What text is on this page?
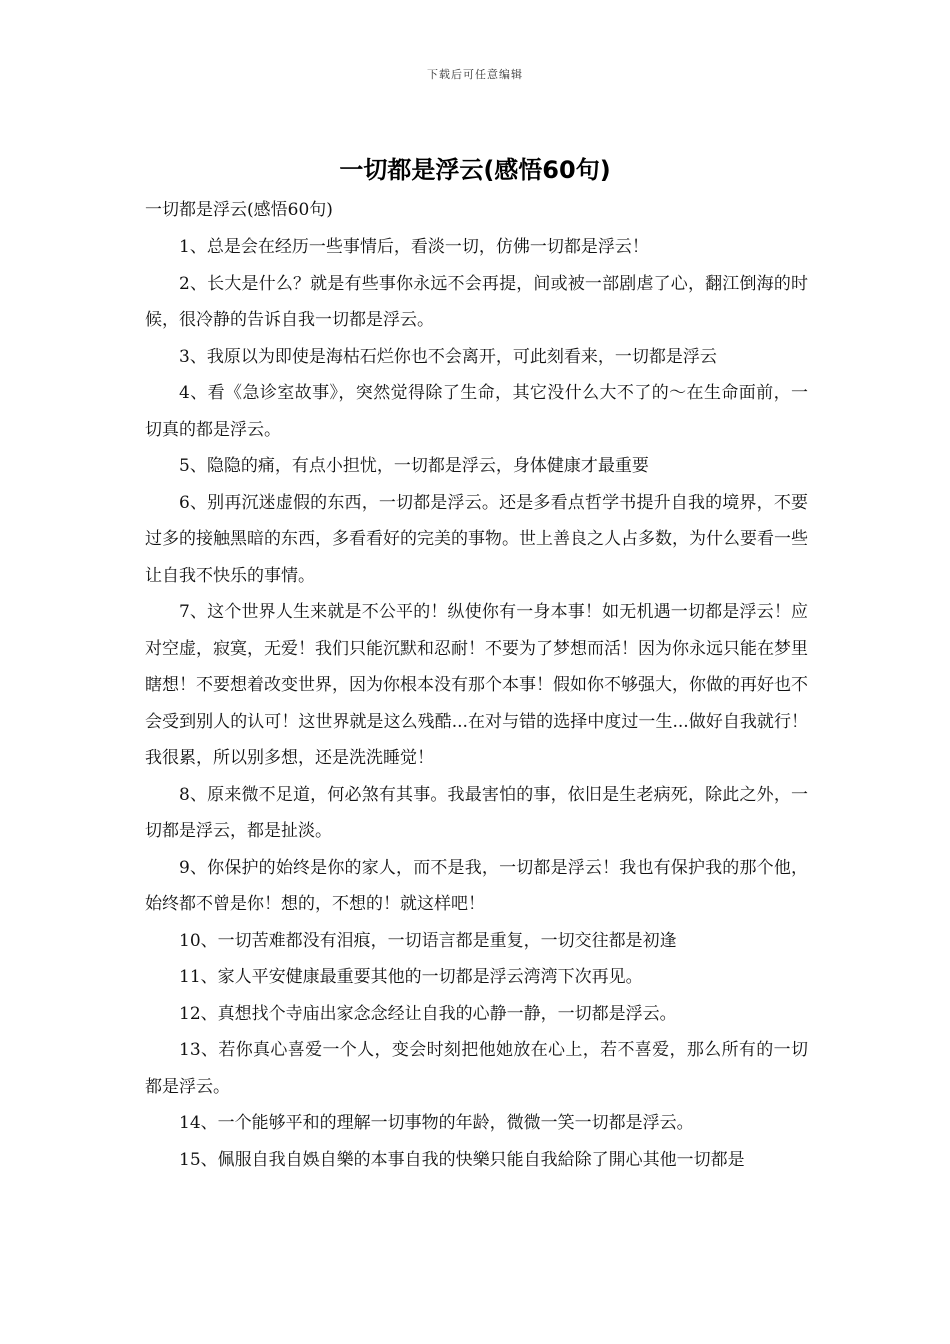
下载后可任意编辑
一切都是浮云(感悟60句)

一切都是浮云(感悟60句)

1、总是会在经历一些事情后，看淡一切，仿佛一切都是浮云！

2、长大是什么？就是有些事你永远不会再提，间或被一部剧虐了心，翻江倒海的时候，很冷静的告诉自我一切都是浮云。

3、我原以为即使是海枯石烂你也不会离开，可此刻看来，一切都是浮云

4、看《急诊室故事》，突然觉得除了生命，其它没什么大不了的～在生命面前，一切真的都是浮云。

5、隐隐的痛，有点小担忧，一切都是浮云，身体健康才最重要

6、别再沉迷虚假的东西，一切都是浮云。还是多看点哲学书提升自我的境界，不要过多的接触黑暗的东西，多看看好的完美的事物。世上善良之人占多数，为什么要看一些让自我不快乐的事情。

7、这个世界人生来就是不公平的！纵使你有一身本事！如无机遇一切都是浮云！应对空虚，寂寞，无爱！我们只能沉默和忍耐！不要为了梦想而活！因为你永远只能在梦里瞎想！不要想着改变世界，因为你根本没有那个本事！假如你不够强大，你做的再好也不会受到别人的认可！这世界就是这么残酷...在对与错的选择中度过一生...做好自我就行！我很累，所以别多想，还是洗洗睡觉！

8、原来微不足道，何必煞有其事。我最害怕的事，依旧是生老病死，除此之外，一切都是浮云，都是扯淡。

9、你保护的始终是你的家人，而不是我，一切都是浮云！我也有保护我的那个他，始终都不曾是你！想的，不想的！就这样吧！

10、一切苦难都没有泪痕，一切语言都是重复，一切交往都是初逢

11、家人平安健康最重要其他的一切都是浮云湾湾下次再见。

12、真想找个寺庙出家念念经让自我的心静一静，一切都是浮云。

13、若你真心喜爱一个人，变会时刻把他她放在心上，若不喜爱，那么所有的一切都是浮云。

14、一个能够平和的理解一切事物的年龄，微微一笑一切都是浮云。

15、佩服自我自娛自樂的本事自我的快樂只能自我給除了開心其他一切都是
